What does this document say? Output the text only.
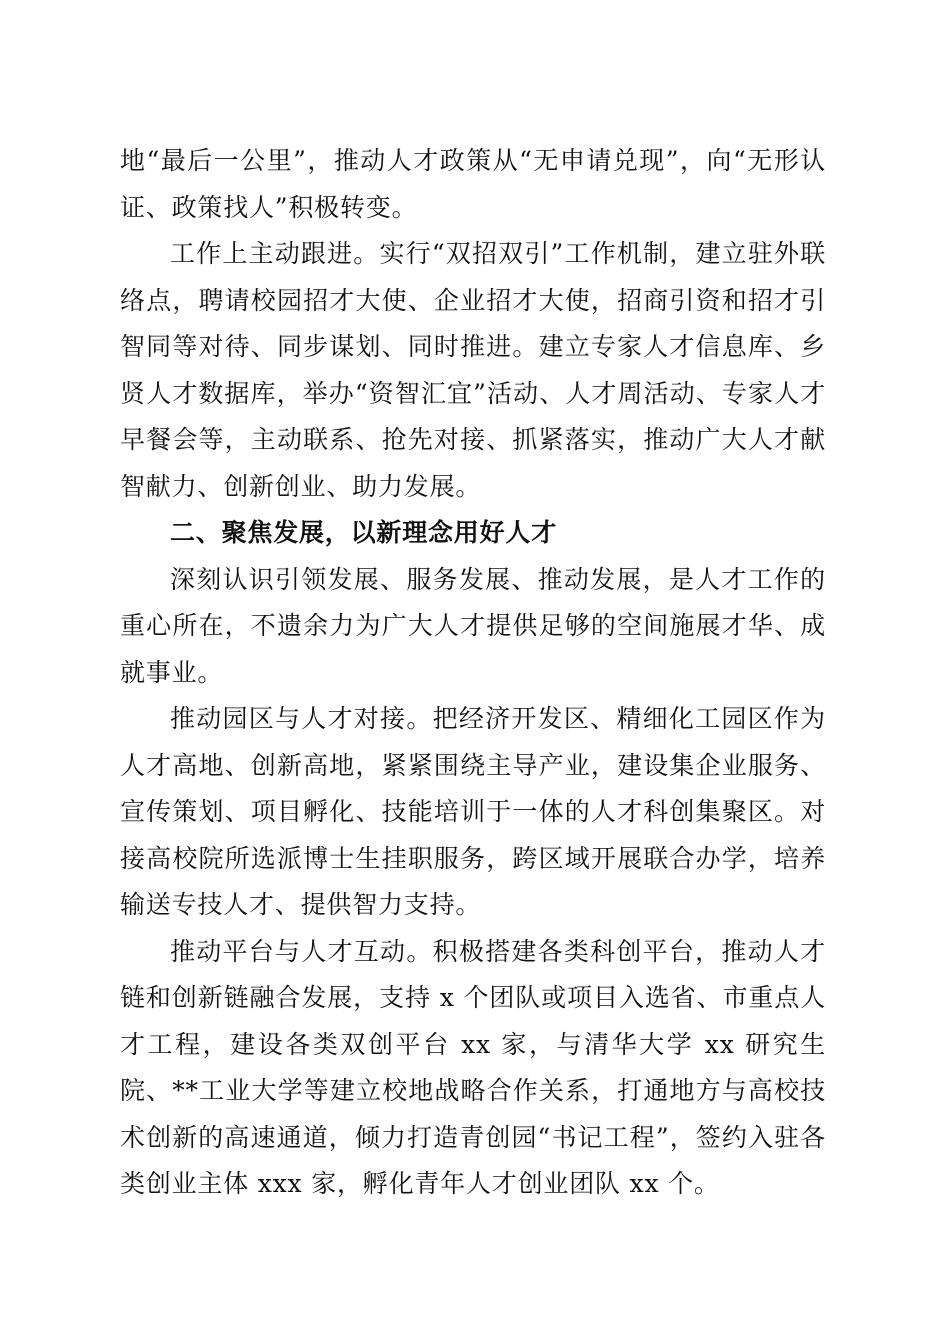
地“最后一公里”，推动人才政策从“无申请兑现”，向“无形认证、政策找人”积极转变。

工作上主动跟进。实行“双招双引”工作机制，建立驻外联络点，聘请校园招才大使、企业招才大使，招商引资和招才引智同等对待、同步谋划、同时推进。建立专家人才信息库、乡贤人才数据库，举办“资智汇宜”活动、人才周活动、专家人才早餐会等，主动联系、抢先对接、抓紧落实，推动广大人才献智献力、创新创业、助力发展。

二、聚焦发展，以新理念用好人才

深刻认识引领发展、服务发展、推动发展，是人才工作的重心所在，不遗余力为广大人才提供足够的空间施展才华、成就事业。

推动园区与人才对接。把经济开发区、精细化工园区作为人才高地、创新高地，紧紧围绕主导产业，建设集企业服务、宣传策划、项目孵化、技能培训于一体的人才科创集聚区。对接高校院所选派博士生挂职服务，跨区域开展联合办学，培养输送专技人才、提供智力支持。

推动平台与人才互动。积极搭建各类科创平台，推动人才链和创新链融合发展，支持 x 个团队或项目入选省、市重点人才工程，建设各类双创平台 xx 家，与清华大学 xx 研究生院、**工业大学等建立校地战略合作关系，打通地方与高校技术创新的高速通道，倾力打造青创园“书记工程”，签约入驻各类创业主体 xxx 家，孵化青年人才创业团队 xx 个。
